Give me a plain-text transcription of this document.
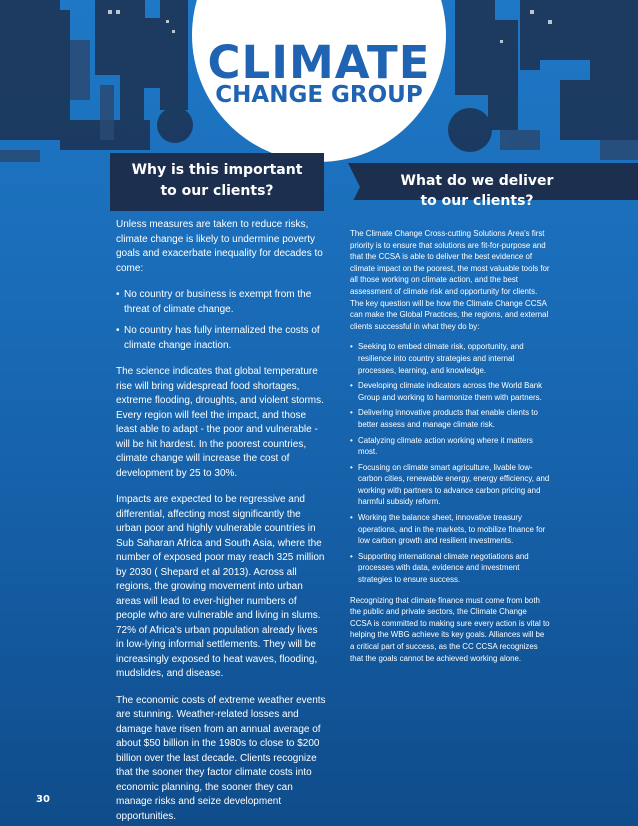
CLIMATE
CHANGE GROUP
Why is this important
to our clients?
What do we deliver
to our clients?

Unless measures are taken to reduce risks, climate change is likely to undermine poverty goals and exacerbate inequality for decades to come:

• No country or business is exempt from the threat of climate change.
• No country has fully internalized the costs of climate change inaction.

The science indicates that global temperature rise will bring widespread food shortages, extreme flooding, droughts, and violent storms. Every region will feel the impact, and those least able to adapt - the poor and vulnerable - will be hit hardest. In the poorest countries, climate change will increase the cost of development by 25 to 30%.

Impacts are expected to be regressive and differential, affecting most significantly the urban poor and highly vulnerable countries in Sub Saharan Africa and South Asia, where the number of exposed poor may reach 325 million by 2030 ( Shepard et al 2013). Across all regions, the growing movement into urban areas will lead to ever-higher numbers of people who are vulnerable and living in slums. 72% of Africa's urban population already lives in low-lying informal settlements. They will be increasingly exposed to heat waves, flooding, mudslides, and disease.

The economic costs of extreme weather events are stunning. Weather-related losses and damage have risen from an annual average of about $50 billion in the 1980s to close to $200 billion over the last decade. Clients recognize that the sooner they factor climate costs into economic planning, the sooner they can manage risks and seize development opportunities.

The Climate Change Cross-cutting Solutions Area's first priority is to ensure that solutions are fit-for-purpose and that the CCSA is able to deliver the best evidence of climate impact on the poorest, the most valuable tools for all those working on climate action, and the best assessment of climate risk and opportunity for clients. The key question will be how the Climate Change CCSA can make the Global Practices, the regions, and external clients successful in what they do by:

• Seeking to embed climate risk, opportunity, and resilience into country strategies and internal processes, learning, and knowledge.
• Developing climate indicators across the World Bank Group and working to harmonize them with partners.
• Delivering innovative products that enable clients to better assess and manage climate risk.
• Catalyzing climate action working where it matters most.
• Focusing on climate smart agriculture, livable low-carbon cities, renewable energy, energy efficiency, and working with partners to advance carbon pricing and harmful subsidy reform.
• Working the balance sheet, innovative treasury operations, and in the markets, to mobilize finance for low carbon growth and resilient investments.
• Supporting international climate negotiations and processes with data, evidence and investment strategies to ensure success.

Recognizing that climate finance must come from both the public and private sectors, the Climate Change CCSA is committed to making sure every action is vital to helping the WBG achieve its key goals. Alliances will be a critical part of success, as the CC CCSA recognizes that the goals cannot be achieved working alone.

30
